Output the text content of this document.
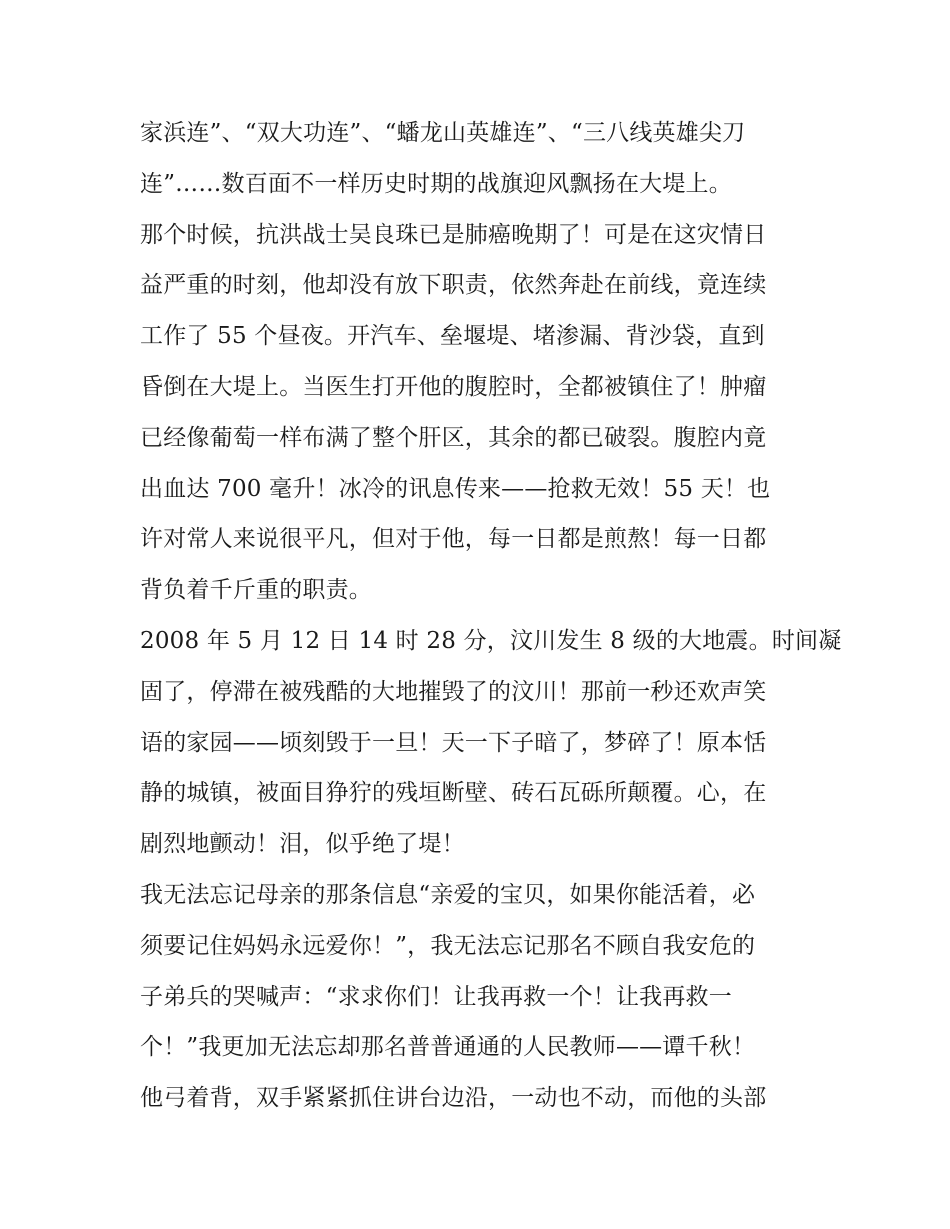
家浜连”、“双大功连”、“蟠龙山英雄连”、“三八线英雄尖刀
连”……数百面不一样历史时期的战旗迎风飘扬在大堤上。
那个时候，抗洪战士吴良珠已是肺癌晚期了！可是在这灾情日
益严重的时刻，他却没有放下职责，依然奔赴在前线，竟连续
工作了 55 个昼夜。开汽车、垒堰堤、堵渗漏、背沙袋，直到
昏倒在大堤上。当医生打开他的腹腔时，全都被镇住了！肿瘤
已经像葡萄一样布满了整个肝区，其余的都已破裂。腹腔内竟
出血达 700 毫升！冰冷的讯息传来——抢救无效！55 天！也
许对常人来说很平凡，但对于他，每一日都是煎熬！每一日都
背负着千斤重的职责。
2008 年 5 月 12 日 14 时 28 分，汶川发生 8 级的大地震。时间凝
固了，停滞在被残酷的大地摧毁了的汶川！那前一秒还欢声笑
语的家园——顷刻毁于一旦！天一下子暗了，梦碎了！原本恬
静的城镇，被面目狰狞的残垣断壁、砖石瓦砾所颠覆。心，在
剧烈地颤动！泪，似乎绝了堤！
我无法忘记母亲的那条信息“亲爱的宝贝，如果你能活着，必
须要记住妈妈永远爱你！”，我无法忘记那名不顾自我安危的
子弟兵的哭喊声：“求求你们！让我再救一个！让我再救一
个！”我更加无法忘却那名普普通通的人民教师——谭千秋！
他弓着背，双手紧紧抓住讲台边沿，一动也不动，而他的头部
